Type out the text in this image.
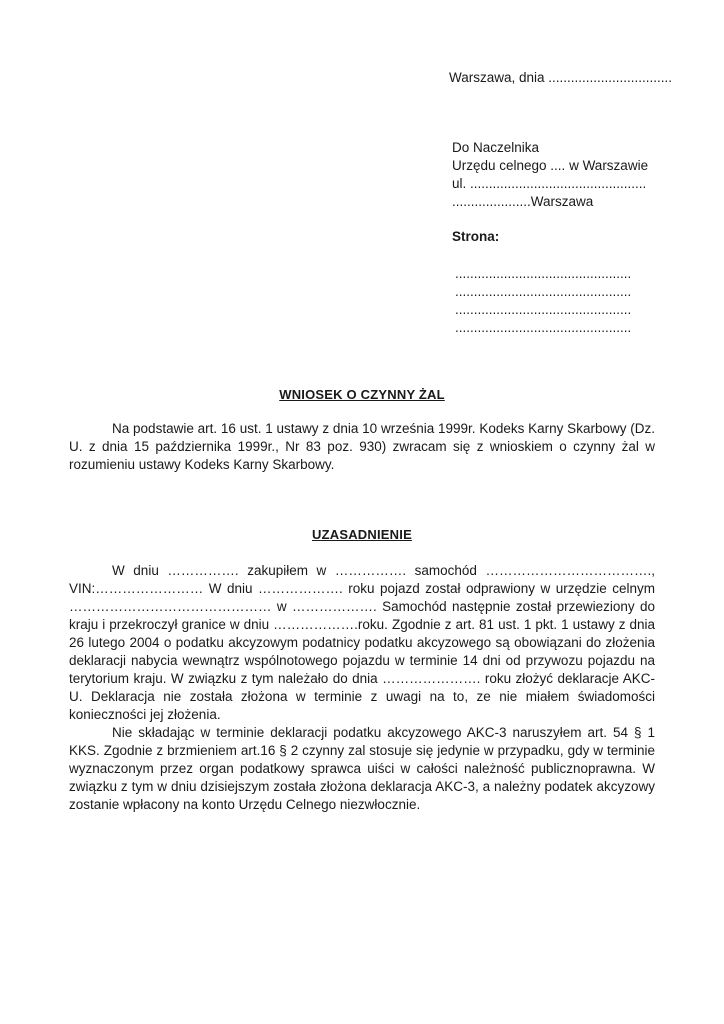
Warszawa, dnia .................................
Do Naczelnika
Urzędu celnego .... w Warszawie
ul. ...............................................
.....................Warszawa
Strona:
...............................................
...............................................
...............................................
...............................................
WNIOSEK O CZYNNY ŻAL

Na podstawie art. 16 ust. 1 ustawy z dnia 10 września 1999r. Kodeks Karny Skarbowy (Dz. U. z dnia 15 października 1999r., Nr 83 poz. 930) zwracam się z wnioskiem o czynny żal w rozumieniu ustawy Kodeks Karny Skarbowy.

UZASADNIENIE

W dniu ……………. zakupiłem w ……………. samochód ………………………………., VIN:…………………… W dniu ………………. roku pojazd został odprawiony w urzędzie celnym ……………………………………… w ………………. Samochód następnie został przewieziony do kraju i przekroczył granice w dniu ……………….roku. Zgodnie z art. 81 ust. 1 pkt. 1 ustawy z dnia 26 lutego 2004 o podatku akcyzowym podatnicy podatku akcyzowego są obowiązani do złożenia deklaracji nabycia wewnątrz wspólnotowego pojazdu w terminie 14 dni od przywozu pojazdu na terytorium kraju. W związku z tym należało do dnia …………………. roku złożyć deklaracje AKC-U. Deklaracja nie została złożona w terminie z uwagi na to, ze nie miałem świadomości konieczności jej złożenia.

Nie składając w terminie deklaracji podatku akcyzowego AKC-3 naruszyłem art. 54 § 1 KKS. Zgodnie z brzmieniem art.16 § 2 czynny zal stosuje się jedynie w przypadku, gdy w terminie wyznaczonym przez organ podatkowy sprawca uiści w całości należność publicznoprawna. W związku z tym w dniu dzisiejszym została złożona deklaracja AKC-3, a należny podatek akcyzowy zostanie wpłacony na konto Urzędu Celnego niezwłocznie.
